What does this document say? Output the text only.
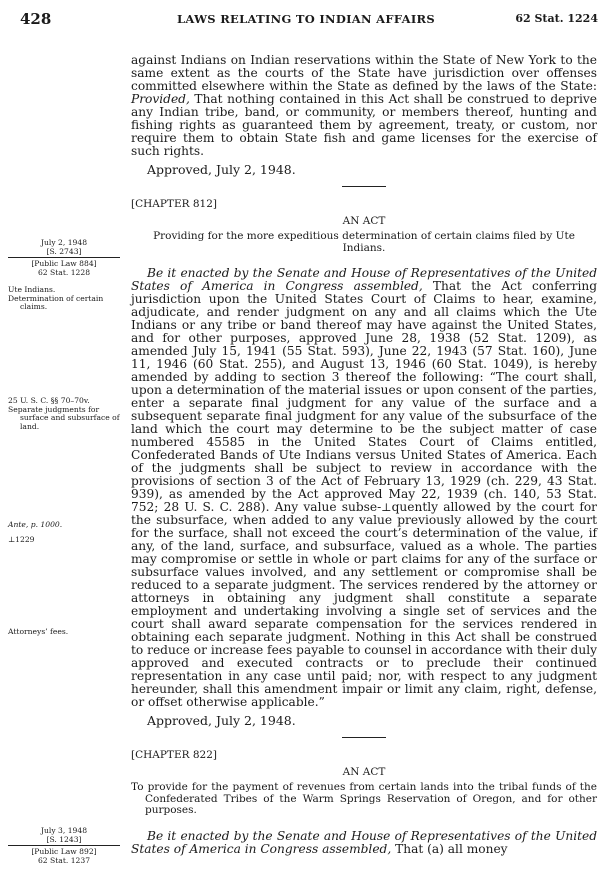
428	LAWS RELATING TO INDIAN AFFAIRS	62 Stat. 1224

against Indians on Indian reservations within the State of New York to the same extent as the courts of the State have jurisdiction over offenses committed elsewhere within the State as defined by the laws of the State: Provided, That nothing contained in this Act shall be construed to deprive any Indian tribe, band, or community, or members thereof, hunting and fishing rights as guaranteed them by agreement, treaty, or custom, nor require them to obtain State fish and game licenses for the exercise of such rights.

Approved, July 2, 1948.

[CHAPTER 812]

AN ACT

Providing for the more expeditious determination of certain claims filed by Ute Indians.

Be it enacted by the Senate and House of Representatives of the United States of America in Congress assembled, That the Act conferring jurisdiction upon the United States Court of Claims to hear, examine, adjudicate, and render judgment on any and all claims which the Ute Indians or any tribe or band thereof may have against the United States, and for other purposes, approved June 28, 1938 (52 Stat. 1209), as amended July 15, 1941 (55 Stat. 593), June 22, 1943 (57 Stat. 160), June 11, 1946 (60 Stat. 255), and August 13, 1946 (60 Stat. 1049), is hereby amended by adding to section 3 thereof the following: “The court shall, upon a determination of the material issues or upon consent of the parties, enter a separate final judgment for any value of the surface and a subsequent separate final judgment for any value of the subsurface of the land which the court may determine to be the subject matter of case numbered 45585 in the United States Court of Claims entitled, Confederated Bands of Ute Indians versus United States of America. Each of the judgments shall be subject to review in accordance with the provisions of section 3 of the Act of February 13, 1929 (ch. 229, 43 Stat. 939), as amended by the Act approved May 22, 1939 (ch. 140, 53 Stat. 752; 28 U. S. C. 288). Any value subse-⊥quently allowed by the court for the subsurface, when added to any value previously allowed by the court for the surface, shall not exceed the court’s determination of the value, if any, of the land, surface, and subsurface, valued as a whole. The parties may compromise or settle in whole or part claims for any of the surface or subsurface values involved, and any settlement or compromise shall be reduced to a separate judgment. The services rendered by the attorney or attorneys in obtaining any judgment shall constitute a separate employment and undertaking involving a single set of services and the court shall award separate compensation for the services rendered in obtaining each separate judgment. Nothing in this Act shall be construed to reduce or increase fees payable to counsel in accordance with their duly approved and executed contracts or to preclude their continued representation in any case until paid; nor, with respect to any judgment hereunder, shall this amendment impair or limit any claim, right, defense, or offset otherwise applicable.”

Approved, July 2, 1948.

[CHAPTER 822]

AN ACT

To provide for the payment of revenues from certain lands into the tribal funds of the Confederated Tribes of the Warm Springs Reservation of Oregon, and for other purposes.

Be it enacted by the Senate and House of Representatives of the United States of America in Congress assembled, That (a) all money

July 2, 1948
[S. 2743]
[Public Law 884]
62 Stat. 1228
Ute Indians.
Determination of certain claims.
25 U. S. C. §§ 70–70v.
Separate judgments for surface and subsurface of land.
Ante, p. 1000.
⊥1229
Attorneys’ fees.
July 3, 1948
[S. 1243]
[Public Law 892]
62 Stat. 1237
